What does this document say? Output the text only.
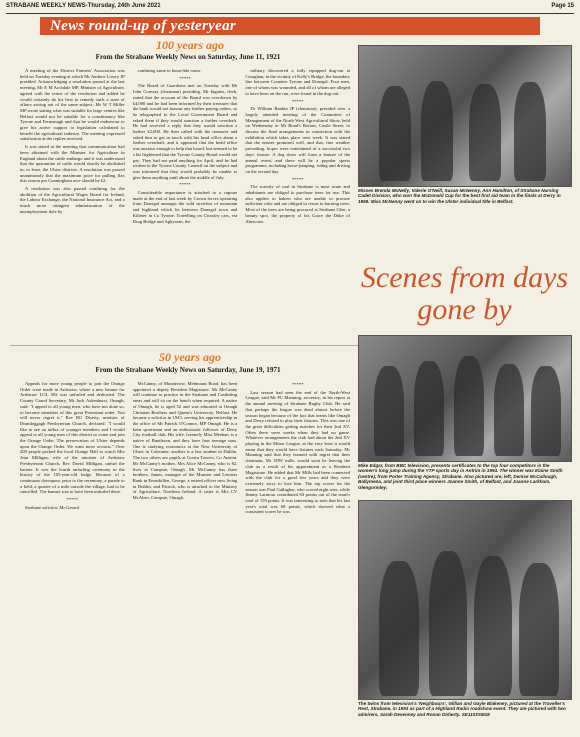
STRABANE WEEKLY NEWS-Thursday, 24th June 2021	Page 15
News round-up of yesteryear
100 years ago
From the Strabane Weekly News on Saturday, June 11, 1921

A meeting of the District Farmers' Association was held on Tuesday evening at which Mr Andrew Lowry JP presided. Acknowledging a resolution passed at the last meeting, Mr E M Archdale MP, Minister of Agriculture, agreed with the terms of the resolution and added he would certainly do his best to remedy such a state of affairs arising out of the same subject. Mr W T Miller MP wrote stating what was suitable for large centres like Belfast would not be suitable for a constituency like Tyrone and Fermanagh and that he would endeavour to give his active support to legislation calculated to benefit the agricultural industry. The meeting expressed satisfaction at the replies received.

It was stated at the meeting that communication had been obtained with the Minister for Agriculture in England about the cattle embargo and it was understood that the quarantine of cattle would shortly be abolished in, or least, the Ulster districts. A resolution was passed unanimously that the maximum price for pulling flax this season per Cunningham acre should be £2.

A resolution was also passed confining for the abolition of the Agricultural Wages Board for Ireland, the Labour Exchange, the National Insurance Act, and a much more stringent administration of the unemployment dole by

confining same to bona-fide cases.

*****

The Board of Guardians met on Tuesday with Mr John Conway (chairman) presiding. Mr Ingram, clerk, stated that the account of the Board was overdrawn by £4,000 and he had been informed by their treasurer that the bank would not honour any further paying orders, so he telegraphed to the Local Government Board and asked them if they would sanction a further overdraft. He had received a reply that they would sanction a further £2,000. He then called with the treasurer and asked him to get in touch with his head office about a further overdraft, and it appeared that the head office was anxious enough to help that board, but seemed to be a bit frightened that the Tyrone County Board would not pay. They had not paid anything for April, and he had written to the Tyrone County Council on the subject and was informed that they would probably be unable to give them anything until about the middle of July.

*****

Considerable importance is attached to a capture made at the end of last week by Crown forces operating from Donegal amongst the wild stretches of mountain and highland which lie between Donegal town and Killeter in Co Tyrone. Travelling on Crossley cars, via Drug Bridge and Aghyaran, the

military discovered a fully equipped dug-out at Croaghan, in the vicinity of Kelly's Bridge, the boundary line between Counties Tyrone and Donegal. Four men, one of whom was wounded, and all of whom are alleged to have been on the run, were found in the dug-out.

*****

Dr William Rankin JP (chairman), presided over a largely attended meeting of the Committee of Management of the North West Agricultural Show, held on Wednesday in Mr Bond's Rooms, Castle Street, to discuss the final arrangements in connection with the exhibition which takes place next week. It was stated that the entries promised well, and that, fine weather prevailing, hopes were entertained of a successful two days' fixture. A dog show will form a feature of the annual event, and there will be a popular sports programme, including horse-jumping, riding and driving on the second day.

*****

The scarcity of coal in Strabane is most acute and inhabitants are obliged to purchase trees for use. This also applies to bakers who are unable to procure sufficient coke and are obliged to resort to burning trees. Most of the trees are being procured at Strabane Glen, a beauty spot, the property of his Grace the Duke of Abercorn.

50 years ago
From the Strabane Weekly News on Saturday, June 19, 1971

Appeals for more young people to join the Orange Order were made in Ardstraw, where a new banner for Ardstraw LOL 502 was unfurled and dedicated. The County Grand Secretary, Mr Jack Ashenhurst, Omagh, said: "I appeal to all young men, who have not done so, to become members of this great Protestant order. You will never regret it." Rev RG Diserty, minister of Drumleggagh Presbyterian Church, declared: "I would like to see an influx of younger members and I would appeal to all young men of this district to come and join the Orange Order. The preservation of Ulster depends upon the Orange Order. We want more recruits." Over 200 people packed the local Orange Hall to watch Mrs Jean Milligan, wife of the minister of Ardstraw Presbyterian Church, Rev David Milligan, unfurl the banner. It was the fourth unfurling ceremony in the history of the 105-year-old lodge. Because of a continuous downpour, prior to the ceremony, a parade to a field, a quarter of a mile outside the village, had to be cancelled. The banner was to have been unfurled there.

*****

Strabane solicitor, Mr Gerard

McCanny, of Mountview, Melmount Road, has been appointed a deputy Resident Magistrate. Mr McCanny will continue to practice in the Strabane and Castlederg areas and will sit on the bench when required. A native of Omagh, he is aged 52 and was educated at Omagh Christian Brothers and Queen's University, Belfast. He became a solicitor in 1943, serving his apprenticeship in the office of Mr Patrick O'Connor, MP Omagh. He is a keen sportsman and an enthusiastic follower of Derry City football club. His wife, formerly Miss Meehan, is a native of Bundoran, and they have four teenage sons. One is studying economics at the New University of Ulster in Coleraine, another is a law student in Dublin. The two others are pupils at Gortin Towers, Co Antrim. Mr McCanny's mother, Mrs Alice McCanny, who is 82, lives at Campsie, Omagh. Mr McCanny has three brothers, James, manager of the Munster and Leinster Bank in Enniskillen, George, a retired officer now living in Dublin, and Patrick, who is attached to the Ministry of Agriculture, Northern Ireland. A sister is Mrs CV McAleer, Campsie, Omagh.

*****

Last season had seen the end of the North-West League, said Mr PC Manning, secretary, in his report at the annual meeting of Strabane Rugby Club. He said that perhaps the league was dead almost before the season began because of the fact that teams like Omagh and Derry refused to play their fixtures. This was one of the great difficulties getting matches for their 2nd XV. Often there were weeks when they had no game. Whatever arrangements the club had about the 2nd XV playing in the Minor League, at the very least it would mean that they would have fixtures each Saturday, Mr Manning said that they learned with regret that their chairman, Mr JDW mills, would soon be leaving the club as a result of his appointment as a Resident Magistrate. He added that Mr Mills had been connected with the club for a good few years and they were extremely sorry to lose him. The top scorer for the season was Paul Gallagher, who scored eight tries, while Jimmy Larmour contributed 63 points out of the team's total of 159 points. It was interesting to note that his last year's total was 68 points, which showed what a consistent scorer he was.

Misses Brenda McNelly, Valerie O'Neill, Susan McNenny, Ann Hamilton, of Strabane Nursing Cadet Division, who won the McDonald Cup for the best first aid team in the finals at Derry in 1969. Miss McNenny went on to win the Ulster individual title in Belfast.
Scenes from days gone by
Mike Edgar, from BBC television, presents certificates to the top four competitors in the women's long jump during the YTP sports day in Antrim in 1994. The winner was Elaine Smith (centre), from Porter Training Agency, Strabane. Also pictured are, left, Denise McCullough, Ballymena, and joint third place winners Joanne Smith, of Belfast, and Joanne Larkham, Glengormley.
The twins from television's 'Neighbours', Gillian and Gayle Blakeney, pictured at the Traveller's Rest, Strabane, in 1993 as part of a Highland Radio roadshow event. They are pictured with two admirers, Sarah Devenney and Ronan Doherty. SE1103SM18
